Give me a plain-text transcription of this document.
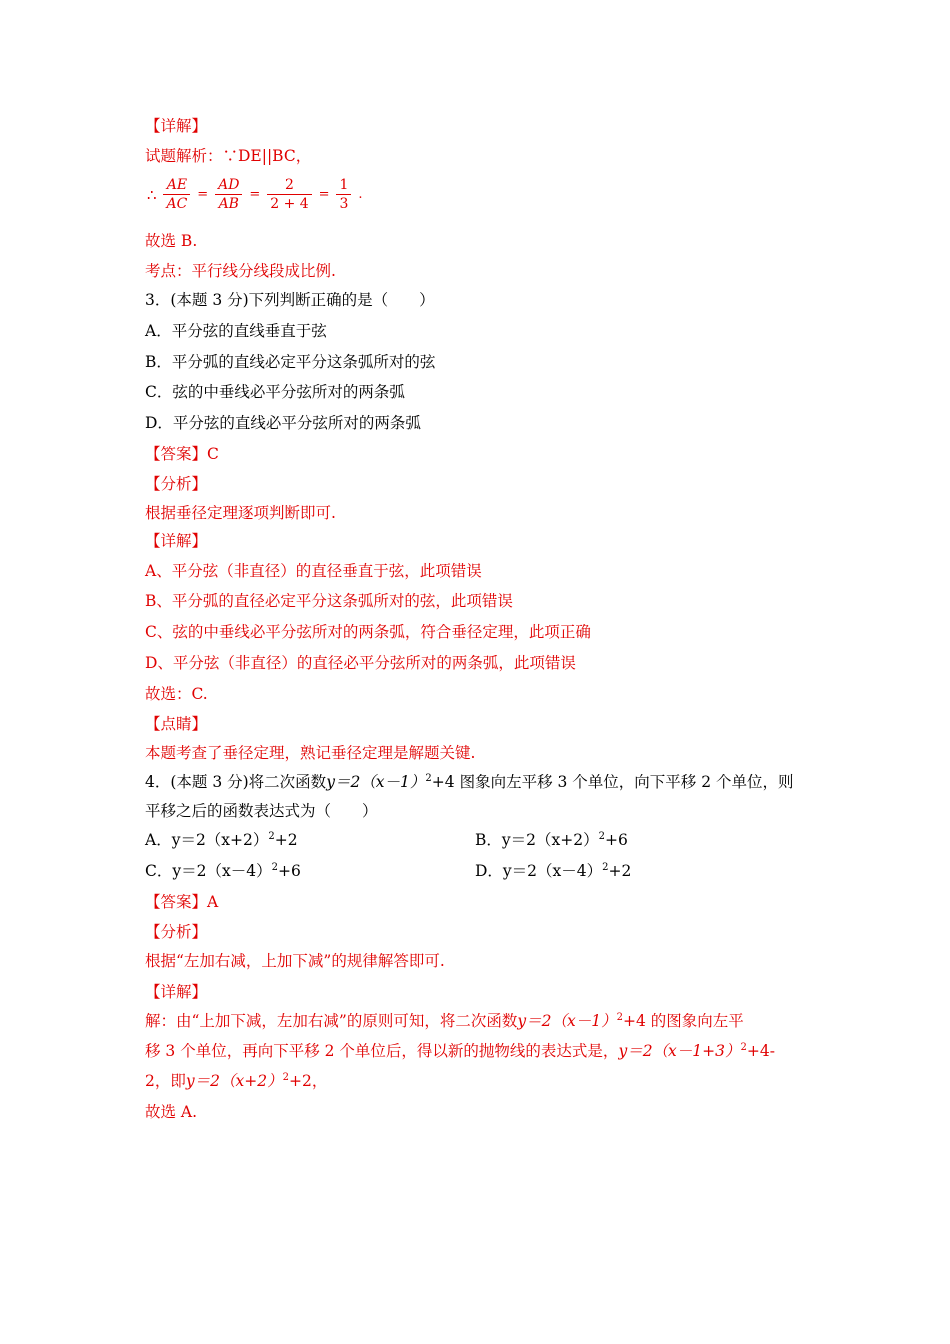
【详解】
试题解析：∵DE||BC，
∴ $\frac{AE}{AC} = \frac{AD}{AB} = \frac{2}{2 + 4} = \frac{1}{3}$ .
故选 B.
考点：平行线分线段成比例.
3．(本题 3 分)下列判断正确的是（　　）
A．平分弦的直线垂直于弦
B．平分弧的直线必定平分这条弧所对的弦
C．弦的中垂线必平分弦所对的两条弧
D．平分弦的直线必平分弦所对的两条弧
【答案】C
【分析】
根据垂径定理逐项判断即可.
【详解】
A、平分弦（非直径）的直径垂直于弦，此项错误
B、平分弧的直径必定平分这条弧所对的弦，此项错误
C、弦的中垂线必平分弦所对的两条弧，符合垂径定理，此项正确
D、平分弦（非直径）的直径必平分弦所对的两条弧，此项错误
故选：C.
【点睛】
本题考查了垂径定理，熟记垂径定理是解题关键.
4．(本题 3 分)将二次函数$y=2(x-1)^2+4$ 图象向左平移 3 个单位，向下平移 2 个单位，则
平移之后的函数表达式为（　　）
A．$y=2(x+2)^2+2$	B．$y=2(x+2)^2+6$
C．$y=2(x-4)^2+6$	D．$y=2(x-4)^2+2$
【答案】A
【分析】
根据“左加右减，上加下减”的规律解答即可.
【详解】
解：由“上加下减，左加右减”的原则可知，将二次函数$y=2(x-1)^2+4$ 的图象向左平
移 3 个单位，再向下平移 2 个单位后，得以新的抛物线的表达式是，$y=2(x-1+3)^2+4-$
2，即$y=2(x+2)^2+2$，
故选 A.
